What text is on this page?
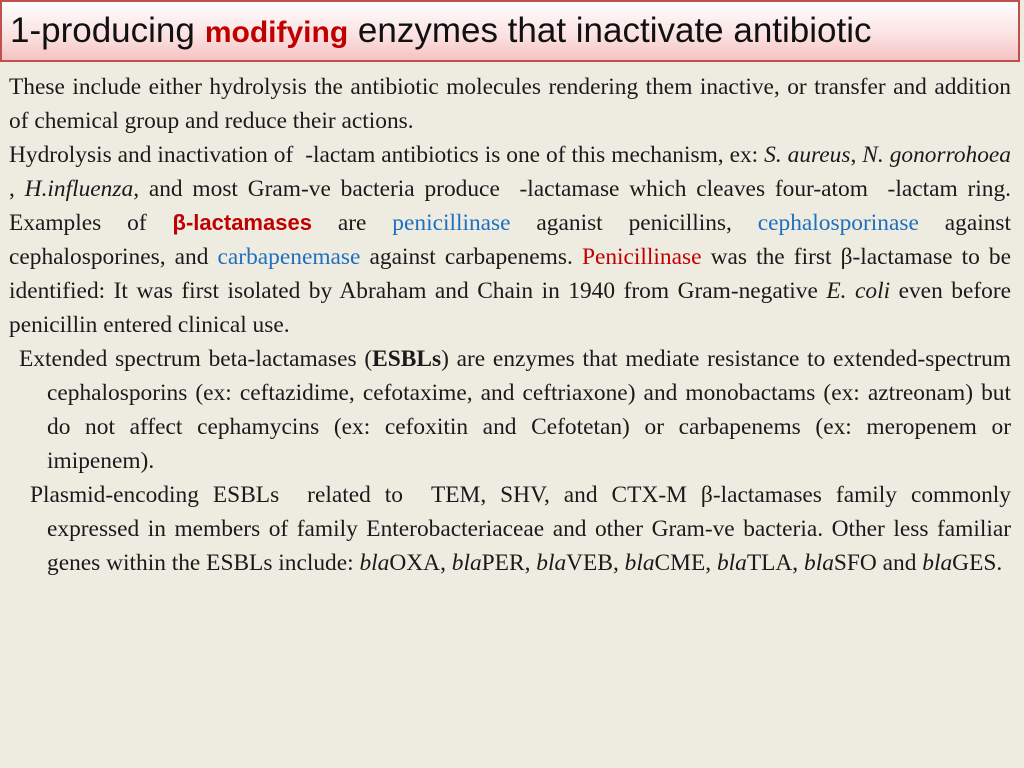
1-producing modifying enzymes that inactivate antibiotic

These include either hydrolysis the antibiotic molecules rendering them inactive, or transfer and addition of chemical group and reduce their actions.

Hydrolysis and inactivation of  -lactam antibiotics is one of this mechanism, ex: S. aureus, N. gonorrohoea , H.influenza, and most Gram-ve bacteria produce  -lactamase which cleaves four-atom  -lactam ring. Examples of β-lactamases are penicillinase aganist penicillins, cephalosporinase against cephalosporines, and carbapenemase against carbapenems. Penicillinase was the first β-lactamase to be identified: It was first isolated by Abraham and Chain in 1940 from Gram-negative E. coli even before penicillin entered clinical use.

Extended spectrum beta-lactamases (ESBLs) are enzymes that mediate resistance to extended-spectrum cephalosporins (ex: ceftazidime, cefotaxime, and ceftriaxone) and monobactams (ex: aztreonam) but do not affect cephamycins (ex: cefoxitin and Cefotetan) or carbapenems (ex: meropenem or imipenem).

Plasmid-encoding ESBLs  related to  TEM, SHV, and CTX-M β-lactamases family commonly expressed in members of family Enterobacteriaceae and other Gram-ve bacteria. Other less familiar genes within the ESBLs include: blaOXA, blaPER, blaVEB, blaCME, blaTLA, blaSFO and blaGES.
